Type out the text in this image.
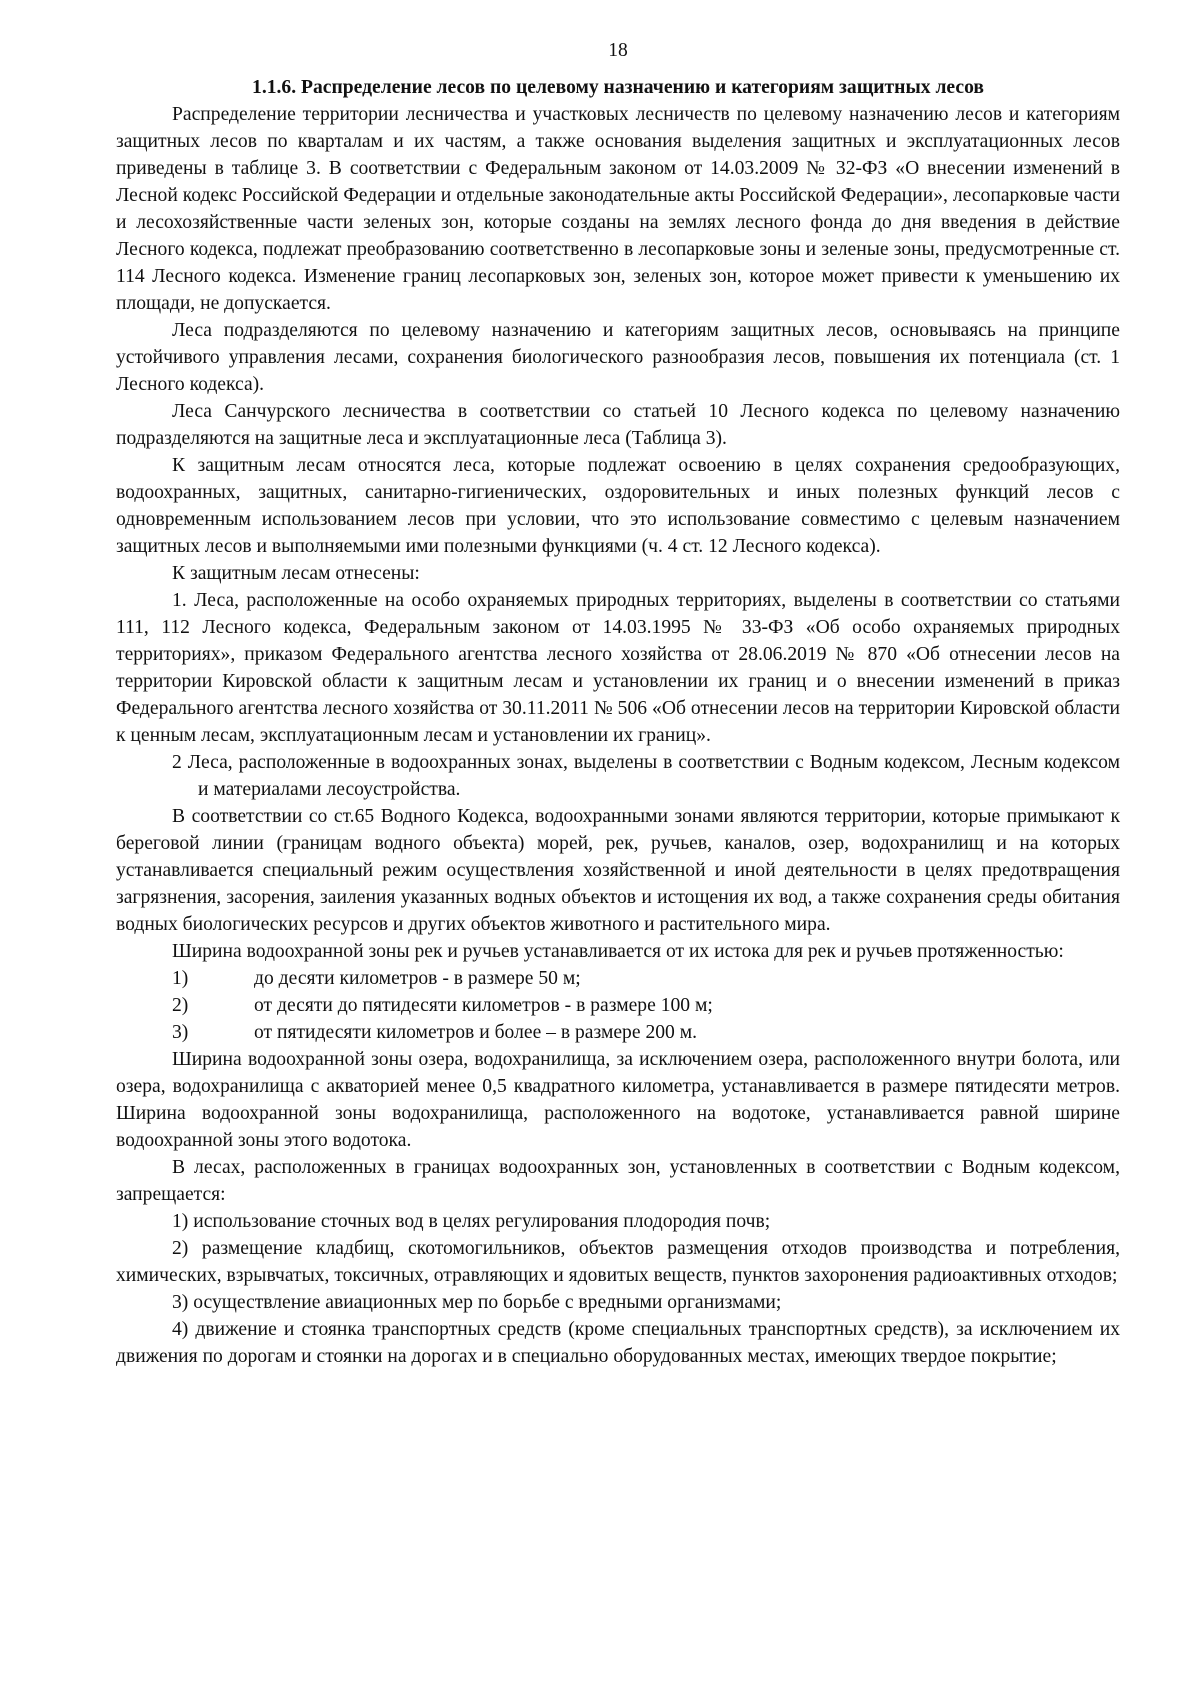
18

1.1.6. Распределение лесов по целевому назначению и категориям защитных лесов

Распределение территории лесничества и участковых лесничеств по целевому назначению лесов и категориям защитных лесов по кварталам и их частям, а также основания выделения защитных и эксплуатационных лесов приведены в таблице 3. В соответствии с Федеральным законом от 14.03.2009 № 32-ФЗ «О внесении изменений в Лесной кодекс Российской Федерации и отдельные законодательные акты Российской Федерации», лесопарковые части и лесохозяйственные части зеленых зон, которые созданы на землях лесного фонда до дня введения в действие Лесного кодекса, подлежат преобразованию соответственно в лесопарковые зоны и зеленые зоны, предусмотренные ст. 114 Лесного кодекса. Изменение границ лесопарковых зон, зеленых зон, которое может привести к уменьшению их площади, не допускается.

Леса подразделяются по целевому назначению и категориям защитных лесов, основываясь на принципе устойчивого управления лесами, сохранения биологического разнообразия лесов, повышения их потенциала (ст. 1 Лесного кодекса).

Леса Санчурского лесничества в соответствии со статьей 10 Лесного кодекса по целевому назначению подразделяются на защитные леса и эксплуатационные леса (Таблица 3).

К защитным лесам относятся леса, которые подлежат освоению в целях сохранения средообразующих, водоохранных, защитных, санитарно-гигиенических, оздоровительных и иных полезных функций лесов с одновременным использованием лесов при условии, что это использование совместимо с целевым назначением защитных лесов и выполняемыми ими полезными функциями (ч. 4 ст. 12 Лесного кодекса).

К защитным лесам отнесены:

1. Леса, расположенные на особо охраняемых природных территориях, выделены в соответствии со статьями 111, 112 Лесного кодекса, Федеральным законом от 14.03.1995 № 33-ФЗ «Об особо охраняемых природных территориях», приказом Федерального агентства лесного хозяйства от 28.06.2019 № 870 «Об отнесении лесов на территории Кировской области к защитным лесам и установлении их границ и о внесении изменений в приказ Федерального агентства лесного хозяйства от 30.11.2011 № 506 «Об отнесении лесов на территории Кировской области к ценным лесам, эксплуатационным лесам и установлении их границ».

2 Леса, расположенные в водоохранных зонах, выделены в соответствии с Водным кодексом, Лесным кодексом и материалами лесоустройства.

В соответствии со ст.65 Водного Кодекса, водоохранными зонами являются территории, которые примыкают к береговой линии (границам водного объекта) морей, рек, ручьев, каналов, озер, водохранилищ и на которых устанавливается специальный режим осуществления хозяйственной и иной деятельности в целях предотвращения загрязнения, засорения, заиления указанных водных объектов и истощения их вод, а также сохранения среды обитания водных биологических ресурсов и других объектов животного и растительного мира.

Ширина водоохранной зоны рек и ручьев устанавливается от их истока для рек и ручьев протяженностью:

1)	до десяти километров - в размере 50 м;
2)	от десяти до пятидесяти километров - в размере 100 м;
3)	от пятидесяти километров и более – в размере 200 м.

Ширина водоохранной зоны озера, водохранилища, за исключением озера, расположенного внутри болота, или озера, водохранилища с акваторией менее 0,5 квадратного километра, устанавливается в размере пятидесяти метров. Ширина водоохранной зоны водохранилища, расположенного на водотоке, устанавливается равной ширине водоохранной зоны этого водотока.

В лесах, расположенных в границах водоохранных зон, установленных в соответствии с Водным кодексом, запрещается:

1) использование сточных вод в целях регулирования плодородия почв;

2) размещение кладбищ, скотомогильников, объектов размещения отходов производства и потребления, химических, взрывчатых, токсичных, отравляющих и ядовитых веществ, пунктов захоронения радиоактивных отходов;

3) осуществление авиационных мер по борьбе с вредными организмами;

4) движение и стоянка транспортных средств (кроме специальных транспортных средств), за исключением их движения по дорогам и стоянки на дорогах и в специально оборудованных местах, имеющих твердое покрытие;
